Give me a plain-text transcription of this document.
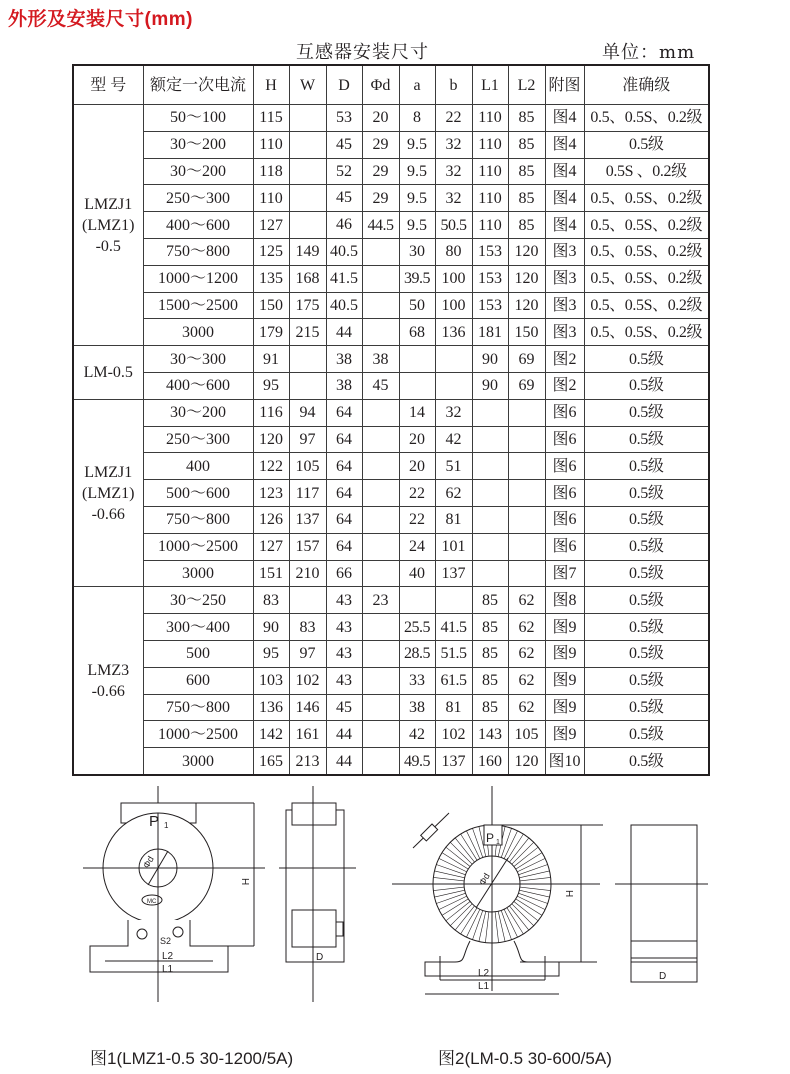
外形及安装尺寸(mm)
互感器安装尺寸	单位：mm
型 号	额定一次电流	H	W	D	Φd	a	b	L1	L2	附图	准确级

LMZJ1
(LMZ1)
-0.5	50～100	115		53	20	8	22	110	85	图4	0.5、0.5S、0.2级
	30～200	110		45	29	9.5	32	110	85	图4	0.5级
	30～200	118		52	29	9.5	32	110	85	图4	0.5S 、0.2级
	250～300	110		45	29	9.5	32	110	85	图4	0.5、0.5S、0.2级
	400～600	127		46	44.5	9.5	50.5	110	85	图4	0.5、0.5S、0.2级
	750～800	125	149	40.5		30	80	153	120	图3	0.5、0.5S、0.2级
	1000～1200	135	168	41.5		39.5	100	153	120	图3	0.5、0.5S、0.2级
	1500～2500	150	175	40.5		50	100	153	120	图3	0.5、0.5S、0.2级
	3000	179	215	44		68	136	181	150	图3	0.5、0.5S、0.2级

LM-0.5	30～300	91		38	38			90	69	图2	0.5级
	400～600	95		38	45			90	69	图2	0.5级

LMZJ1
(LMZ1)
-0.66	30～200	116	94	64		14	32			图6	0.5级
	250～300	120	97	64		20	42			图6	0.5级
	400	122	105	64		20	51			图6	0.5级
	500～600	123	117	64		22	62			图6	0.5级
	750～800	126	137	64		22	81			图6	0.5级
	1000～2500	127	157	64		24	101			图6	0.5级
	3000	151	210	66		40	137			图7	0.5级

LMZ3
-0.66	30～250	83		43	23			85	62	图8	0.5级
	300～400	90	83	43		25.5	41.5	85	62	图9	0.5级
	500	95	97	43		28.5	51.5	85	62	图9	0.5级
	600	103	102	43		33	61.5	85	62	图9	0.5级
	750～800	136	146	45		38	81	85	62	图9	0.5级
	1000～2500	142	161	44		42	102	143	105	图9	0.5级
	3000	165	213	44		49.5	137	160	120	图10	0.5级
P 1
Φd
MC
S2
L2
L1
H
D
P 1
Φd
L2
L1
H
D
图1(LMZ1-0.5 30-1200/5A)	图2(LM-0.5 30-600/5A)
